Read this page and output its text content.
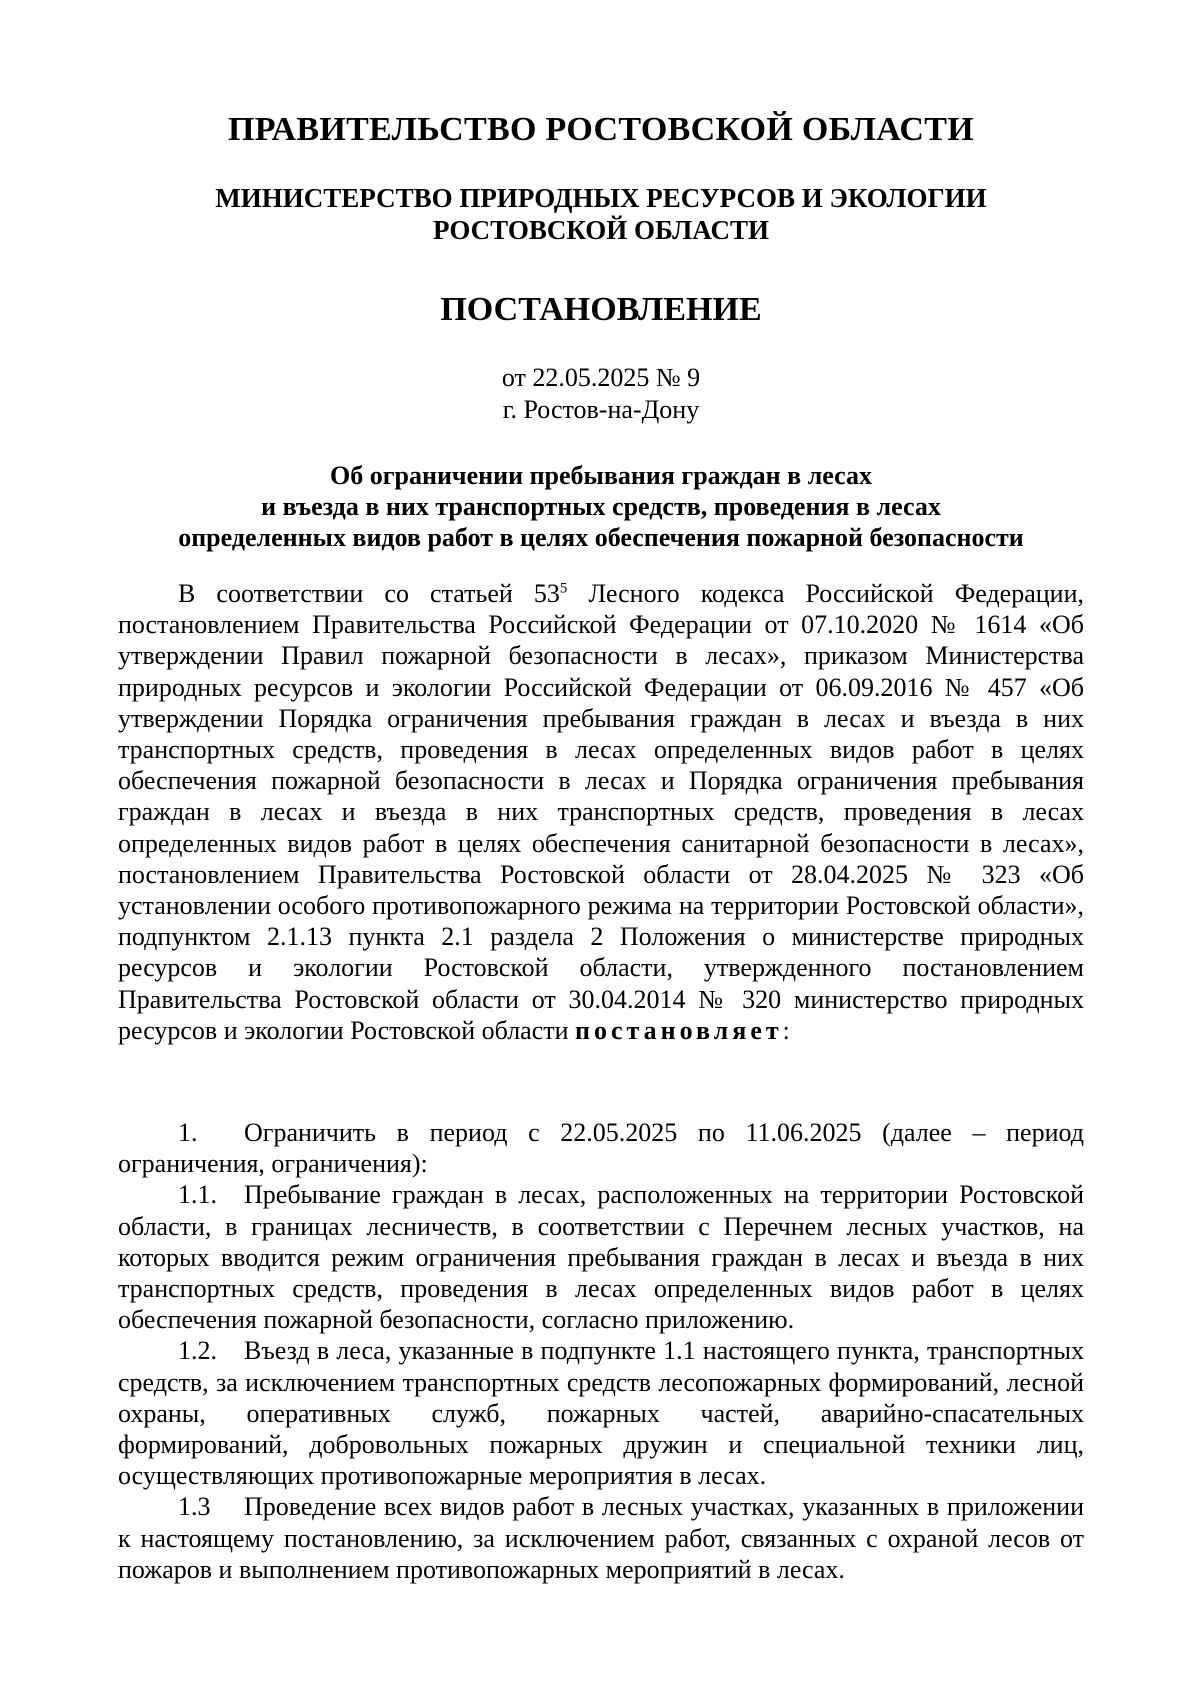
ПРАВИТЕЛЬСТВО РОСТОВСКОЙ ОБЛАСТИ
МИНИСТЕРСТВО ПРИРОДНЫХ РЕСУРСОВ И ЭКОЛОГИИ
РОСТОВСКОЙ ОБЛАСТИ
ПОСТАНОВЛЕНИЕ
от 22.05.2025 № 9
г. Ростов-на-Дону
Об ограничении пребывания граждан в лесах
и въезда в них транспортных средств, проведения в лесах
определенных видов работ в целях обеспечения пожарной безопасности

В соответствии со статьей $53^5$ Лесного кодекса Российской Федерации, постановлением Правительства Российской Федерации от 07.10.2020 № 1614 «Об утверждении Правил пожарной безопасности в лесах», приказом Министерства природных ресурсов и экологии Российской Федерации от 06.09.2016 № 457 «Об утверждении Порядка ограничения пребывания граждан в лесах и въезда в них транспортных средств, проведения в лесах определенных видов работ в целях обеспечения пожарной безопасности в лесах и Порядка ограничения пребывания граждан в лесах и въезда в них транспортных средств, проведения в лесах определенных видов работ в целях обеспечения санитарной безопасности в лесах», постановлением Правительства Ростовской области от 28.04.2025 № 323 «Об установлении особого противопожарного режима на территории Ростовской области», подпунктом 2.1.13 пункта 2.1 раздела 2 Положения о министерстве природных ресурсов и экологии Ростовской области, утвержденного постановлением Правительства Ростовской области от 30.04.2014 № 320 министерство природных ресурсов и экологии Ростовской области постановляет:

1. Ограничить в период с 22.05.2025 по 11.06.2025 (далее – период ограничения, ограничения):

1.1. Пребывание граждан в лесах, расположенных на территории Ростовской области, в границах лесничеств, в соответствии с Перечнем лесных участков, на которых вводится режим ограничения пребывания граждан в лесах и въезда в них транспортных средств, проведения в лесах определенных видов работ в целях обеспечения пожарной безопасности, согласно приложению.

1.2. Въезд в леса, указанные в подпункте 1.1 настоящего пункта, транспортных средств, за исключением транспортных средств лесопожарных формирований, лесной охраны, оперативных служб, пожарных частей, аварийно-спасательных формирований, добровольных пожарных дружин и специальной техники лиц, осуществляющих противопожарные мероприятия в лесах.

1.3 Проведение всех видов работ в лесных участках, указанных в приложении к настоящему постановлению, за исключением работ, связанных с охраной лесов от пожаров и выполнением противопожарных мероприятий в лесах.
